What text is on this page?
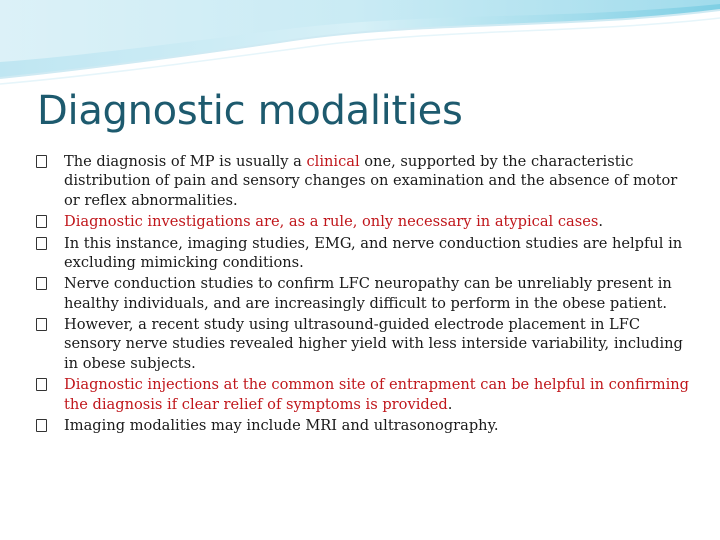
Diagnostic modalities
The diagnosis of MP is usually a clinical one, supported by the characteristic distribution of pain and sensory changes on examination and the absence of motor or reflex abnormalities.
Diagnostic investigations are, as a rule, only necessary in atypical cases.
In this instance, imaging studies, EMG, and nerve conduction studies are helpful in excluding mimicking conditions.
Nerve conduction studies to confirm LFC neuropathy can be unreliably present in healthy individuals, and are increasingly difficult to perform in the obese patient.
However, a recent study using ultrasound-guided electrode placement in LFC sensory nerve studies revealed higher yield with less interside variability, including in obese subjects.
Diagnostic injections at the common site of entrapment can be helpful in confirming the diagnosis if clear relief of symptoms is provided.
Imaging modalities may include MRI and ultrasonography.
